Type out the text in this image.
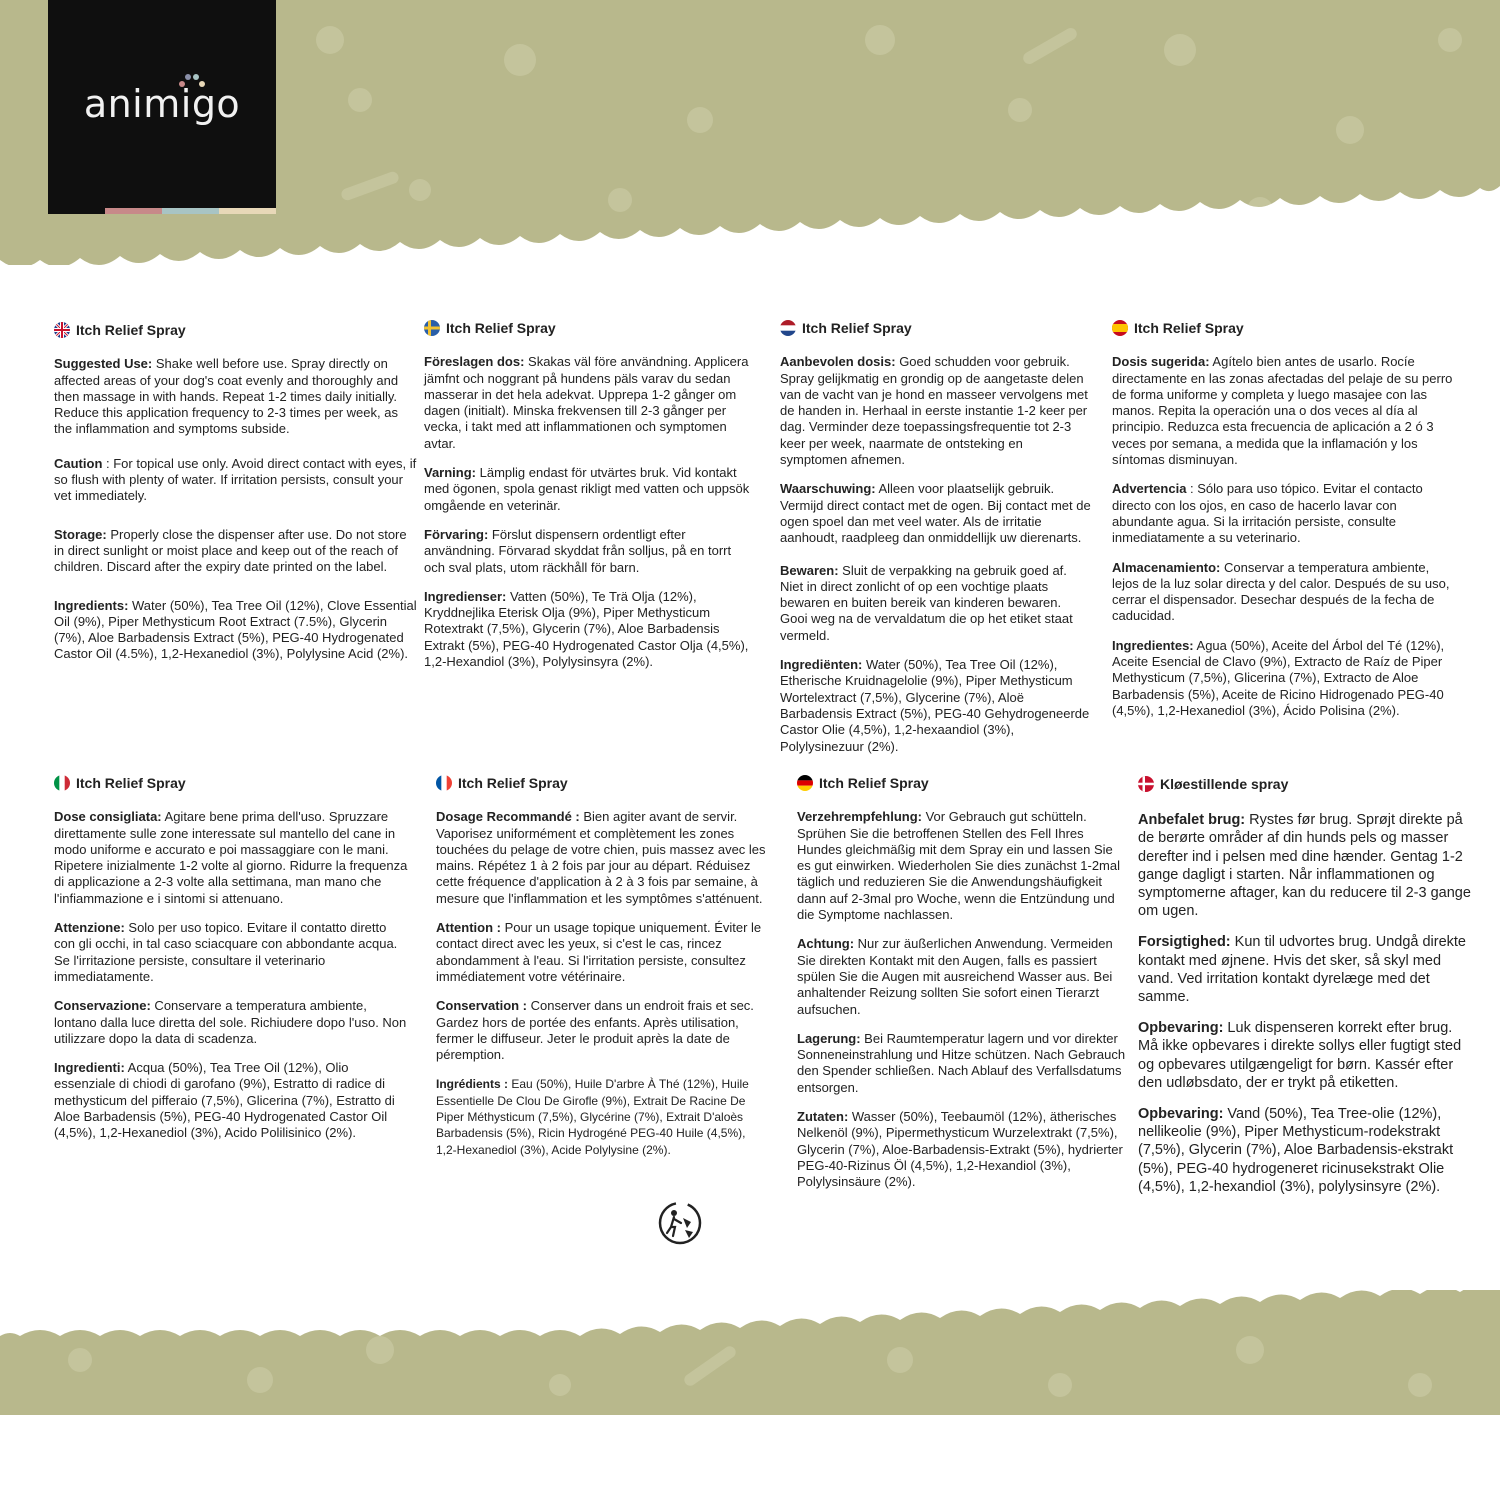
animigo
Itch Relief Spray

Suggested Use: Shake well before use. Spray directly on affected areas of your dog's coat evenly and thoroughly and then massage in with hands. Repeat 1-2 times daily initially. Reduce this application frequency to 2-3 times per week, as the inflammation and symptoms subside.

Caution : For topical use only. Avoid direct contact with eyes, if so flush with plenty of water. If irritation persists, consult your vet immediately.

Storage: Properly close the dispenser after use. Do not store in direct sunlight or moist place and keep out of the reach of children. Discard after the expiry date printed on the label.

Ingredients: Water (50%), Tea Tree Oil (12%), Clove Essential Oil (9%), Piper Methysticum Root Extract (7.5%), Glycerin (7%), Aloe Barbadensis Extract (5%), PEG-40 Hydrogenated Castor Oil (4.5%), 1,2-Hexanediol (3%), Polylysine Acid (2%).

Itch Relief Spray

Föreslagen dos: Skakas väl före användning. Applicera jämfnt och noggrant på hundens päls varav du sedan masserar in det hela adekvat. Upprepa 1-2 gånger om dagen (initialt). Minska frekvensen till 2-3 gånger per vecka, i takt med att inflammationen och symptomen avtar.

Varning: Lämplig endast för utvärtes bruk. Vid kontakt med ögonen, spola genast rikligt med vatten och uppsök omgående en veterinär.

Förvaring: Förslut dispensern ordentligt efter användning. Förvarad skyddat från solljus, på en torrt och sval plats, utom räckhåll för barn.

Ingredienser: Vatten (50%), Te Trä Olja (12%), Kryddnejlika Eterisk Olja (9%), Piper Methysticum Rotextrakt (7,5%), Glycerin (7%), Aloe Barbadensis Extrakt (5%), PEG-40 Hydrogenated Castor Olja (4,5%), 1,2-Hexandiol (3%), Polylysinsyra (2%).

Itch Relief Spray

Aanbevolen dosis: Goed schudden voor gebruik. Spray gelijkmatig en grondig op de aangetaste delen van de vacht van je hond en masseer vervolgens met de handen in. Herhaal in eerste instantie 1-2 keer per dag. Verminder deze toepassingsfrequentie tot 2-3 keer per week, naarmate de ontsteking en symptomen afnemen.

Waarschuwing: Alleen voor plaatselijk gebruik. Vermijd direct contact met de ogen. Bij contact met de ogen spoel dan met veel water. Als de irritatie aanhoudt, raadpleeg dan onmiddellijk uw dierenarts.

Bewaren: Sluit de verpakking na gebruik goed af. Niet in direct zonlicht of op een vochtige plaats bewaren en buiten bereik van kinderen bewaren. Gooi weg na de vervaldatum die op het etiket staat vermeld.

Ingrediënten: Water (50%), Tea Tree Oil (12%), Etherische Kruidnagelolie (9%), Piper Methysticum Wortelextract (7,5%), Glycerine (7%), Aloë Barbadensis Extract (5%), PEG-40 Gehydrogeneerde Castor Olie (4,5%), 1,2-hexaandiol (3%), Polylysinezuur (2%).

Itch Relief Spray

Dosis sugerida: Agítelo bien antes de usarlo. Rocíe directamente en las zonas afectadas del pelaje de su perro de forma uniforme y completa y luego masajee con las manos. Repita la operación una o dos veces al día al principio. Reduzca esta frecuencia de aplicación a 2 ó 3 veces por semana, a medida que la inflamación y los síntomas disminuyan.

Advertencia : Sólo para uso tópico. Evitar el contacto directo con los ojos, en caso de hacerlo lavar con abundante agua. Si la irritación persiste, consulte inmediatamente a su veterinario.

Almacenamiento: Conservar a temperatura ambiente, lejos de la luz solar directa y del calor. Después de su uso, cerrar el dispensador. Desechar después de la fecha de caducidad.

Ingredientes: Agua (50%), Aceite del Árbol del Té (12%), Aceite Esencial de Clavo (9%), Extracto de Raíz de Piper Methysticum (7,5%), Glicerina (7%), Extracto de Aloe Barbadensis (5%), Aceite de Ricino Hidrogenado PEG-40 (4,5%), 1,2-Hexanediol (3%), Ácido Polisina (2%).

Itch Relief Spray

Dose consigliata: Agitare bene prima dell'uso. Spruzzare direttamente sulle zone interessate sul mantello del cane in modo uniforme e accurato e poi massaggiare con le mani. Ripetere inizialmente 1-2 volte al giorno. Ridurre la frequenza di applicazione a 2-3 volte alla settimana, man mano che l'infiammazione e i sintomi si attenuano.

Attenzione: Solo per uso topico. Evitare il contatto diretto con gli occhi, in tal caso sciacquare con abbondante acqua. Se l'irritazione persiste, consultare il veterinario immediatamente.

Conservazione: Conservare a temperatura ambiente, lontano dalla luce diretta del sole. Richiudere dopo l'uso. Non utilizzare dopo la data di scadenza.

Ingredienti: Acqua (50%), Tea Tree Oil (12%), Olio essenziale di chiodi di garofano (9%), Estratto di radice di methysticum del pifferaio (7,5%), Glicerina (7%), Estratto di Aloe Barbadensis (5%), PEG-40 Hydrogenated Castor Oil (4,5%), 1,2-Hexanediol (3%), Acido Polilisinico (2%).

Itch Relief Spray

Dosage Recommandé : Bien agiter avant de servir. Vaporisez uniformément et complètement les zones touchées du pelage de votre chien, puis massez avec les mains. Répétez 1 à 2 fois par jour au départ. Réduisez cette fréquence d'application à 2 à 3 fois par semaine, à mesure que l'inflammation et les symptômes s'atténuent.

Attention : Pour un usage topique uniquement. Éviter le contact direct avec les yeux, si c'est le cas, rincez abondamment à l'eau. Si l'irritation persiste, consultez immédiatement votre vétérinaire.

Conservation : Conserver dans un endroit frais et sec. Gardez hors de portée des enfants. Après utilisation, fermer le diffuseur. Jeter le produit après la date de péremption.

Ingrédients : Eau (50%), Huile D'arbre À Thé (12%), Huile Essentielle De Clou De Girofle (9%), Extrait De Racine De Piper Méthysticum (7,5%), Glycérine (7%), Extrait D'aloès Barbadensis (5%), Ricin Hydrogéné PEG-40 Huile (4,5%), 1,2-Hexanediol (3%), Acide Polylysine (2%).

Itch Relief Spray

Verzehrempfehlung: Vor Gebrauch gut schütteln. Sprühen Sie die betroffenen Stellen des Fell Ihres Hundes gleichmäßig mit dem Spray ein und lassen Sie es gut einwirken. Wiederholen Sie dies zunächst 1-2mal täglich und reduzieren Sie die Anwendungshäufigkeit dann auf 2-3mal pro Woche, wenn die Entzündung und die Symptome nachlassen.

Achtung: Nur zur äußerlichen Anwendung. Vermeiden Sie direkten Kontakt mit den Augen, falls es passiert spülen Sie die Augen mit ausreichend Wasser aus. Bei anhaltender Reizung sollten Sie sofort einen Tierarzt aufsuchen.

Lagerung: Bei Raumtemperatur lagern und vor direkter Sonneneinstrahlung und Hitze schützen. Nach Gebrauch den Spender schließen. Nach Ablauf des Verfallsdatums entsorgen.

Zutaten: Wasser (50%), Teebaumöl (12%), ätherisches Nelkenöl (9%), Pipermethysticum Wurzelextrakt (7,5%), Glycerin (7%), Aloe-Barbadensis-Extrakt (5%), hydrierter PEG-40-Rizinus Öl (4,5%), 1,2-Hexandiol (3%), Polylysinsäure (2%).

Kløestillende spray

Anbefalet brug: Rystes før brug. Sprøjt direkte på de berørte områder af din hunds pels og masser derefter ind i pelsen med dine hænder. Gentag 1-2 gange dagligt i starten. Når inflammationen og symptomerne aftager, kan du reducere til 2-3 gange om ugen.

Forsigtighed: Kun til udvortes brug. Undgå direkte kontakt med øjnene. Hvis det sker, så skyl med vand. Ved irritation kontakt dyrelæge med det samme.

Opbevaring: Luk dispenseren korrekt efter brug. Må ikke opbevares i direkte sollys eller fugtigt sted og opbevares utilgængeligt for børn. Kassér efter den udløbsdato, der er trykt på etiketten.

Opbevaring: Vand (50%), Tea Tree-olie (12%), nellikeolie (9%), Piper Methysticum-rodekstrakt (7,5%), Glycerin (7%), Aloe Barbadensis-ekstrakt (5%), PEG-40 hydrogeneret ricinusekstrakt Olie (4,5%), 1,2-hexandiol (3%), polylysinsyre (2%).
